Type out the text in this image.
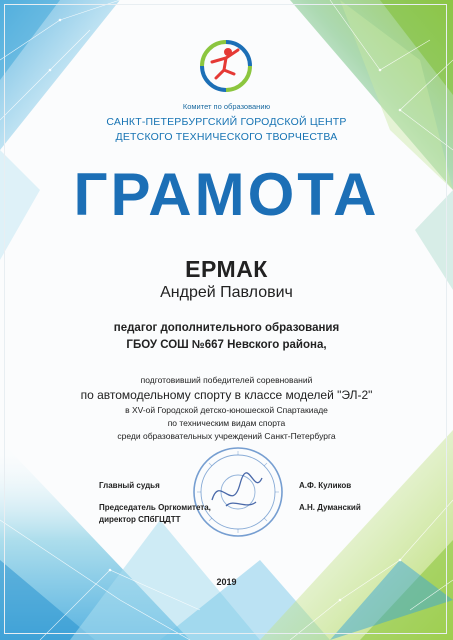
Комитет по образованию

САНКТ-ПЕТЕРБУРГСКИЙ ГОРОДСКОЙ ЦЕНТР

ДЕТСКОГО ТЕХНИЧЕСКОГО ТВОРЧЕСТВА

ГРАМОТА

ЕРМАК

Андрей Павлович

педагог дополнительного образования

ГБОУ СОШ №667 Невского района,

подготовивший победителей соревнований

по автомодельному спорту в классе моделей "ЭЛ-2"

в XV-ой Городской детско-юношеской Спартакиаде

по техническим видам спорта

среди образовательных учреждений Санкт-Петербурга

Главный судья	А.Ф. Куликов

Председатель Оргкомитета,

директор СПбГЦДТТ

А.Н. Думанский

2019
